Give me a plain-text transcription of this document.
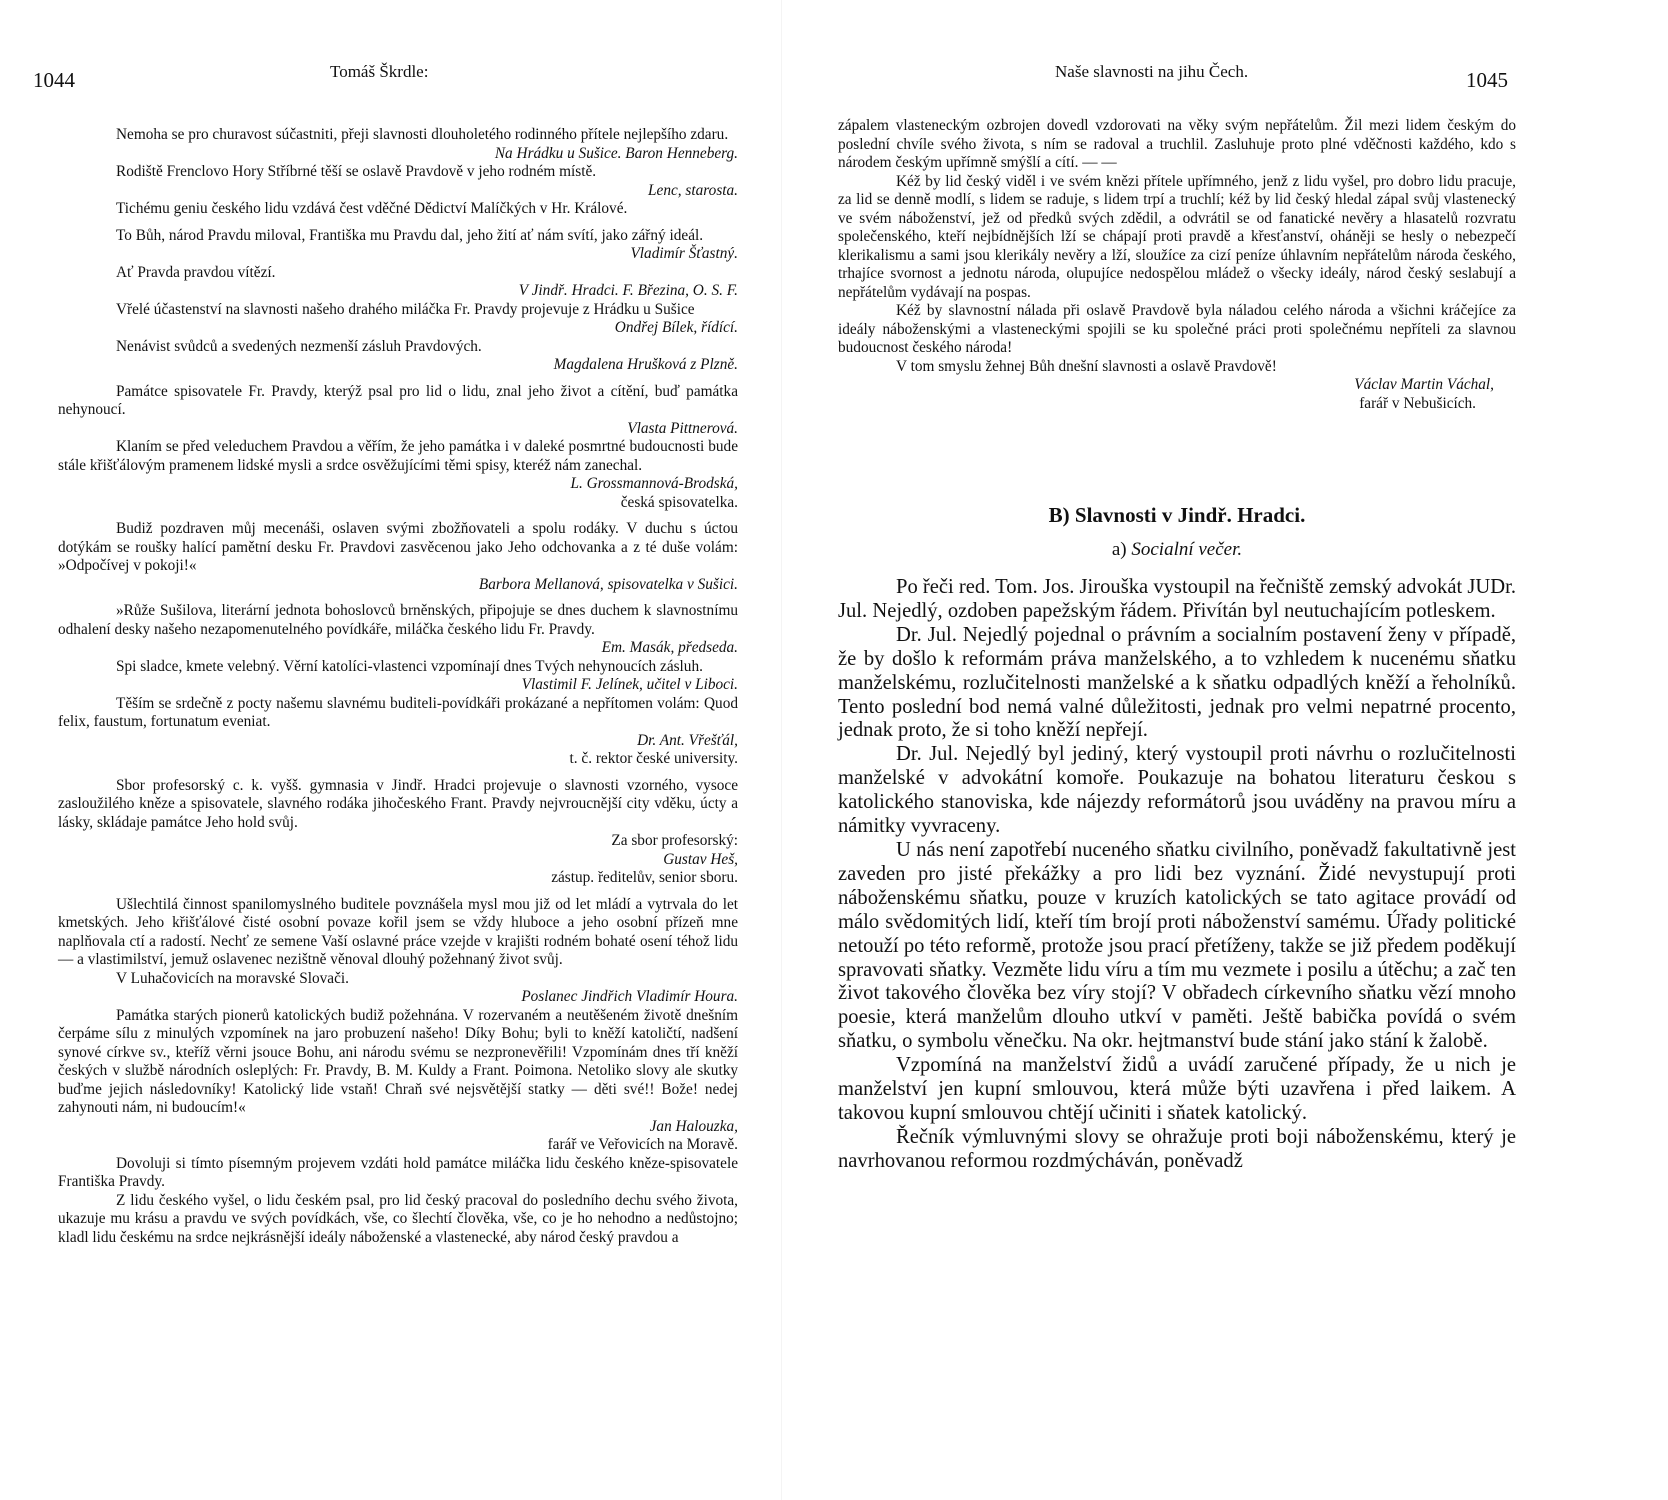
1044	Tomáš Škrdle:

Nemoha se pro churavost súčastniti, přeji slavnosti dlouholetého rodinného přítele nejlepšího zdaru.

Na Hrádku u Sušice. Baron Henneberg.

Rodiště Frenclovo Hory Stříbrné těší se oslavě Pravdově v jeho rodném místě.

Lenc, starosta.

Tichému geniu českého lidu vzdává čest vděčné Dědictví Malíčkých v Hr. Králové.

To Bůh, národ Pravdu miloval, Františka mu Pravdu dal, jeho žití ať nám svítí, jako zářný ideál.

Vladimír Šťastný.

Ať Pravda pravdou vítězí.

V Jindř. Hradci. F. Březina, O. S. F.

Vřelé účastenství na slavnosti našeho drahého miláčka Fr. Pravdy projevuje z Hrádku u Sušice

Ondřej Bílek, řídící.

Nenávist svůdců a svedených nezmenší zásluh Pravdových.

Magdalena Hrušková z Plzně.

Památce spisovatele Fr. Pravdy, kterýž psal pro lid o lidu, znal jeho život a cítění, buď památka nehynoucí.

Vlasta Pittnerová.

Klaním se před veleduchem Pravdou a věřím, že jeho památka i v daleké posmrtné budoucnosti bude stále křišťálovým pramenem lidské mysli a srdce osvěžujícími těmi spisy, kteréž nám zanechal.

L. Grossmannová-Brodská,
česká spisovatelka.

Budiž pozdraven můj mecenáši, oslaven svými zbožňovateli a spolu rodáky. V duchu s úctou dotýkám se roušky halící pamětní desku Fr. Pravdovi zasvěcenou jako Jeho odchovanka a z té duše volám: »Odpočívej v pokoji!«

Barbora Mellanová, spisovatelka v Sušici.

»Růže Sušilova, literární jednota bohoslovců brněnských, připojuje se dnes duchem k slavnostnímu odhalení desky našeho nezapomenutelného povídkáře, miláčka českého lidu Fr. Pravdy.

Em. Masák, předseda.

Spi sladce, kmete velebný. Věrní katolíci-vlastenci vzpomínají dnes Tvých nehynoucích zásluh.

Vlastimil F. Jelínek, učitel v Liboci.

Těším se srdečně z pocty našemu slavnému buditeli-povídkáři prokázané a nepřítomen volám: Quod felix, faustum, fortunatum eveniat.

Dr. Ant. Vřešťál,
t. č. rektor české university.

Sbor profesorský c. k. vyšš. gymnasia v Jindř. Hradci projevuje o slavnosti vzorného, vysoce zasloužilého kněze a spisovatele, slavného rodáka jihočeského Frant. Pravdy nejvroucnější city vděku, úcty a lásky, skládaje památce Jeho hold svůj.

Za sbor profesorský:
Gustav Heš,
zástup. ředitelův, senior sboru.

Ušlechtilá činnost spanilomyslného buditele povznášela mysl mou již od let mládí a vytrvala do let kmetských. Jeho křišťálové čisté osobní povaze kořil jsem se vždy hluboce a jeho osobní přízeň mne naplňovala ctí a radostí. Nechť ze semene Vaší oslavné práce vzejde v krajišti rodném bohaté osení téhož lidu — a vlastimilství, jemuž oslavenec nezištně věnoval dlouhý požehnaný život svůj.

V Luhačovicích na moravské Slovači.

Poslanec Jindřich Vladimír Houra.

Památka starých pionerů katolických budiž požehnána. V rozervaném a neutěšeném životě dnešním čerpáme sílu z minulých vzpomínek na jaro probuzení našeho! Díky Bohu; byli to kněží katoličtí, nadšení synové církve sv., kteříž věrni jsouce Bohu, ani národu svému se nezpronevěřili! Vzpomínám dnes tří kněží českých v službě národních osleplých: Fr. Pravdy, B. M. Kuldy a Frant. Poimona. Netoliko slovy ale skutky buďme jejich následovníky! Katolický lide vstaň! Chraň své nejsvětější statky — děti své!! Bože! nedej zahynouti nám, ni budoucím!«

Jan Halouzka,
farář ve Veřovicích na Moravě.

Dovoluji si tímto písemným projevem vzdáti hold památce miláčka lidu českého kněze-spisovatele Františka Pravdy.

Z lidu českého vyšel, o lidu českém psal, pro lid český pracoval do posledního dechu svého života, ukazuje mu krásu a pravdu ve svých povídkách, vše, co šlechtí člověka, vše, co je ho nehodno a nedůstojno; kladl lidu českému na srdce nejkrásnější ideály náboženské a vlastenecké, aby národ český pravdou a

Naše slavnosti na jihu Čech.	1045
zápalem vlasteneckým ozbrojen dovedl vzdorovati na věky svým nepřátelům. Žil mezi lidem českým do poslední chvíle svého života, s ním se radoval a truchlil. Zasluhuje proto plné vděčnosti každého, kdo s národem českým upřímně smýšlí a cítí. — —

Kéž by lid český viděl i ve svém knězi přítele upřímného, jenž z lidu vyšel, pro dobro lidu pracuje, za lid se denně modlí, s lidem se raduje, s lidem trpí a truchlí; kéž by lid český hledal zápal svůj vlastenecký ve svém náboženství, jež od předků svých zdědil, a odvrátil se od fanatické nevěry a hlasatelů rozvratu společenského, kteří nejbídnějších lží se chápají proti pravdě a křesťanství, oháněji se hesly o nebezpečí klerikalismu a sami jsou klerikály nevěry a lží, sloužíce za cizí peníze úhlavním nepřátelům národa českého, trhajíce svornost a jednotu národa, olupujíce nedospělou mládež o všecky ideály, národ český seslabují a nepřátelům vydávají na pospas.

Kéž by slavnostní nálada při oslavě Pravdově byla náladou celého národa a všichni kráčejíce za ideály náboženskými a vlasteneckými spojili se ku společné práci proti společnému nepříteli za slavnou budoucnost českého národa!

V tom smyslu žehnej Bůh dnešní slavnosti a oslavě Pravdově!

Václav Martin Váchal,
farář v Nebušicích.
B) Slavnosti v Jindř. Hradci.
a) Socialní večer.

Po řeči red. Tom. Jos. Jirouška vystoupil na řečniště zemský advokát JUDr. Jul. Nejedlý, ozdoben papežským řádem. Přivítán byl neutuchajícím potleskem.

Dr. Jul. Nejedlý pojednal o právním a socialním postavení ženy v případě, že by došlo k reformám práva manželského, a to vzhledem k nucenému sňatku manželskému, rozlučitelnosti manželské a k sňatku odpadlých kněží a řeholníků. Tento poslední bod nemá valné důležitosti, jednak pro velmi nepatrné procento, jednak proto, že si toho kněží nepřejí.

Dr. Jul. Nejedlý byl jediný, který vystoupil proti návrhu o rozlučitelnosti manželské v advokátní komoře. Poukazuje na bohatou literaturu českou s katolického stanoviska, kde nájezdy reformátorů jsou uváděny na pravou míru a námitky vyvraceny.

U nás není zapotřebí nuceného sňatku civilního, poněvadž fakultativně jest zaveden pro jisté překážky a pro lidi bez vyznání. Židé nevystupují proti náboženskému sňatku, pouze v kruzích katolických se tato agitace provádí od málo svědomitých lidí, kteří tím brojí proti náboženství samému. Úřady politické netouží po této reformě, protože jsou prací přetíženy, takže se již předem poděkují spravovati sňatky. Vezměte lidu víru a tím mu vezmete i posilu a útěchu; a zač ten život takového člověka bez víry stojí? V obřadech církevního sňatku vězí mnoho poesie, která manželům dlouho utkví v paměti. Ještě babička povídá o svém sňatku, o symbolu věnečku. Na okr. hejtmanství bude stání jako stání k žalobě.

Vzpomíná na manželství židů a uvádí zaručené případy, že u nich je manželství jen kupní smlouvou, která může býti uzavřena i před laikem. A takovou kupní smlouvou chtějí učiniti i sňatek katolický.

Řečník výmluvnými slovy se ohražuje proti boji náboženskému, který je navrhovanou reformou rozdmýcháván, poněvadž
